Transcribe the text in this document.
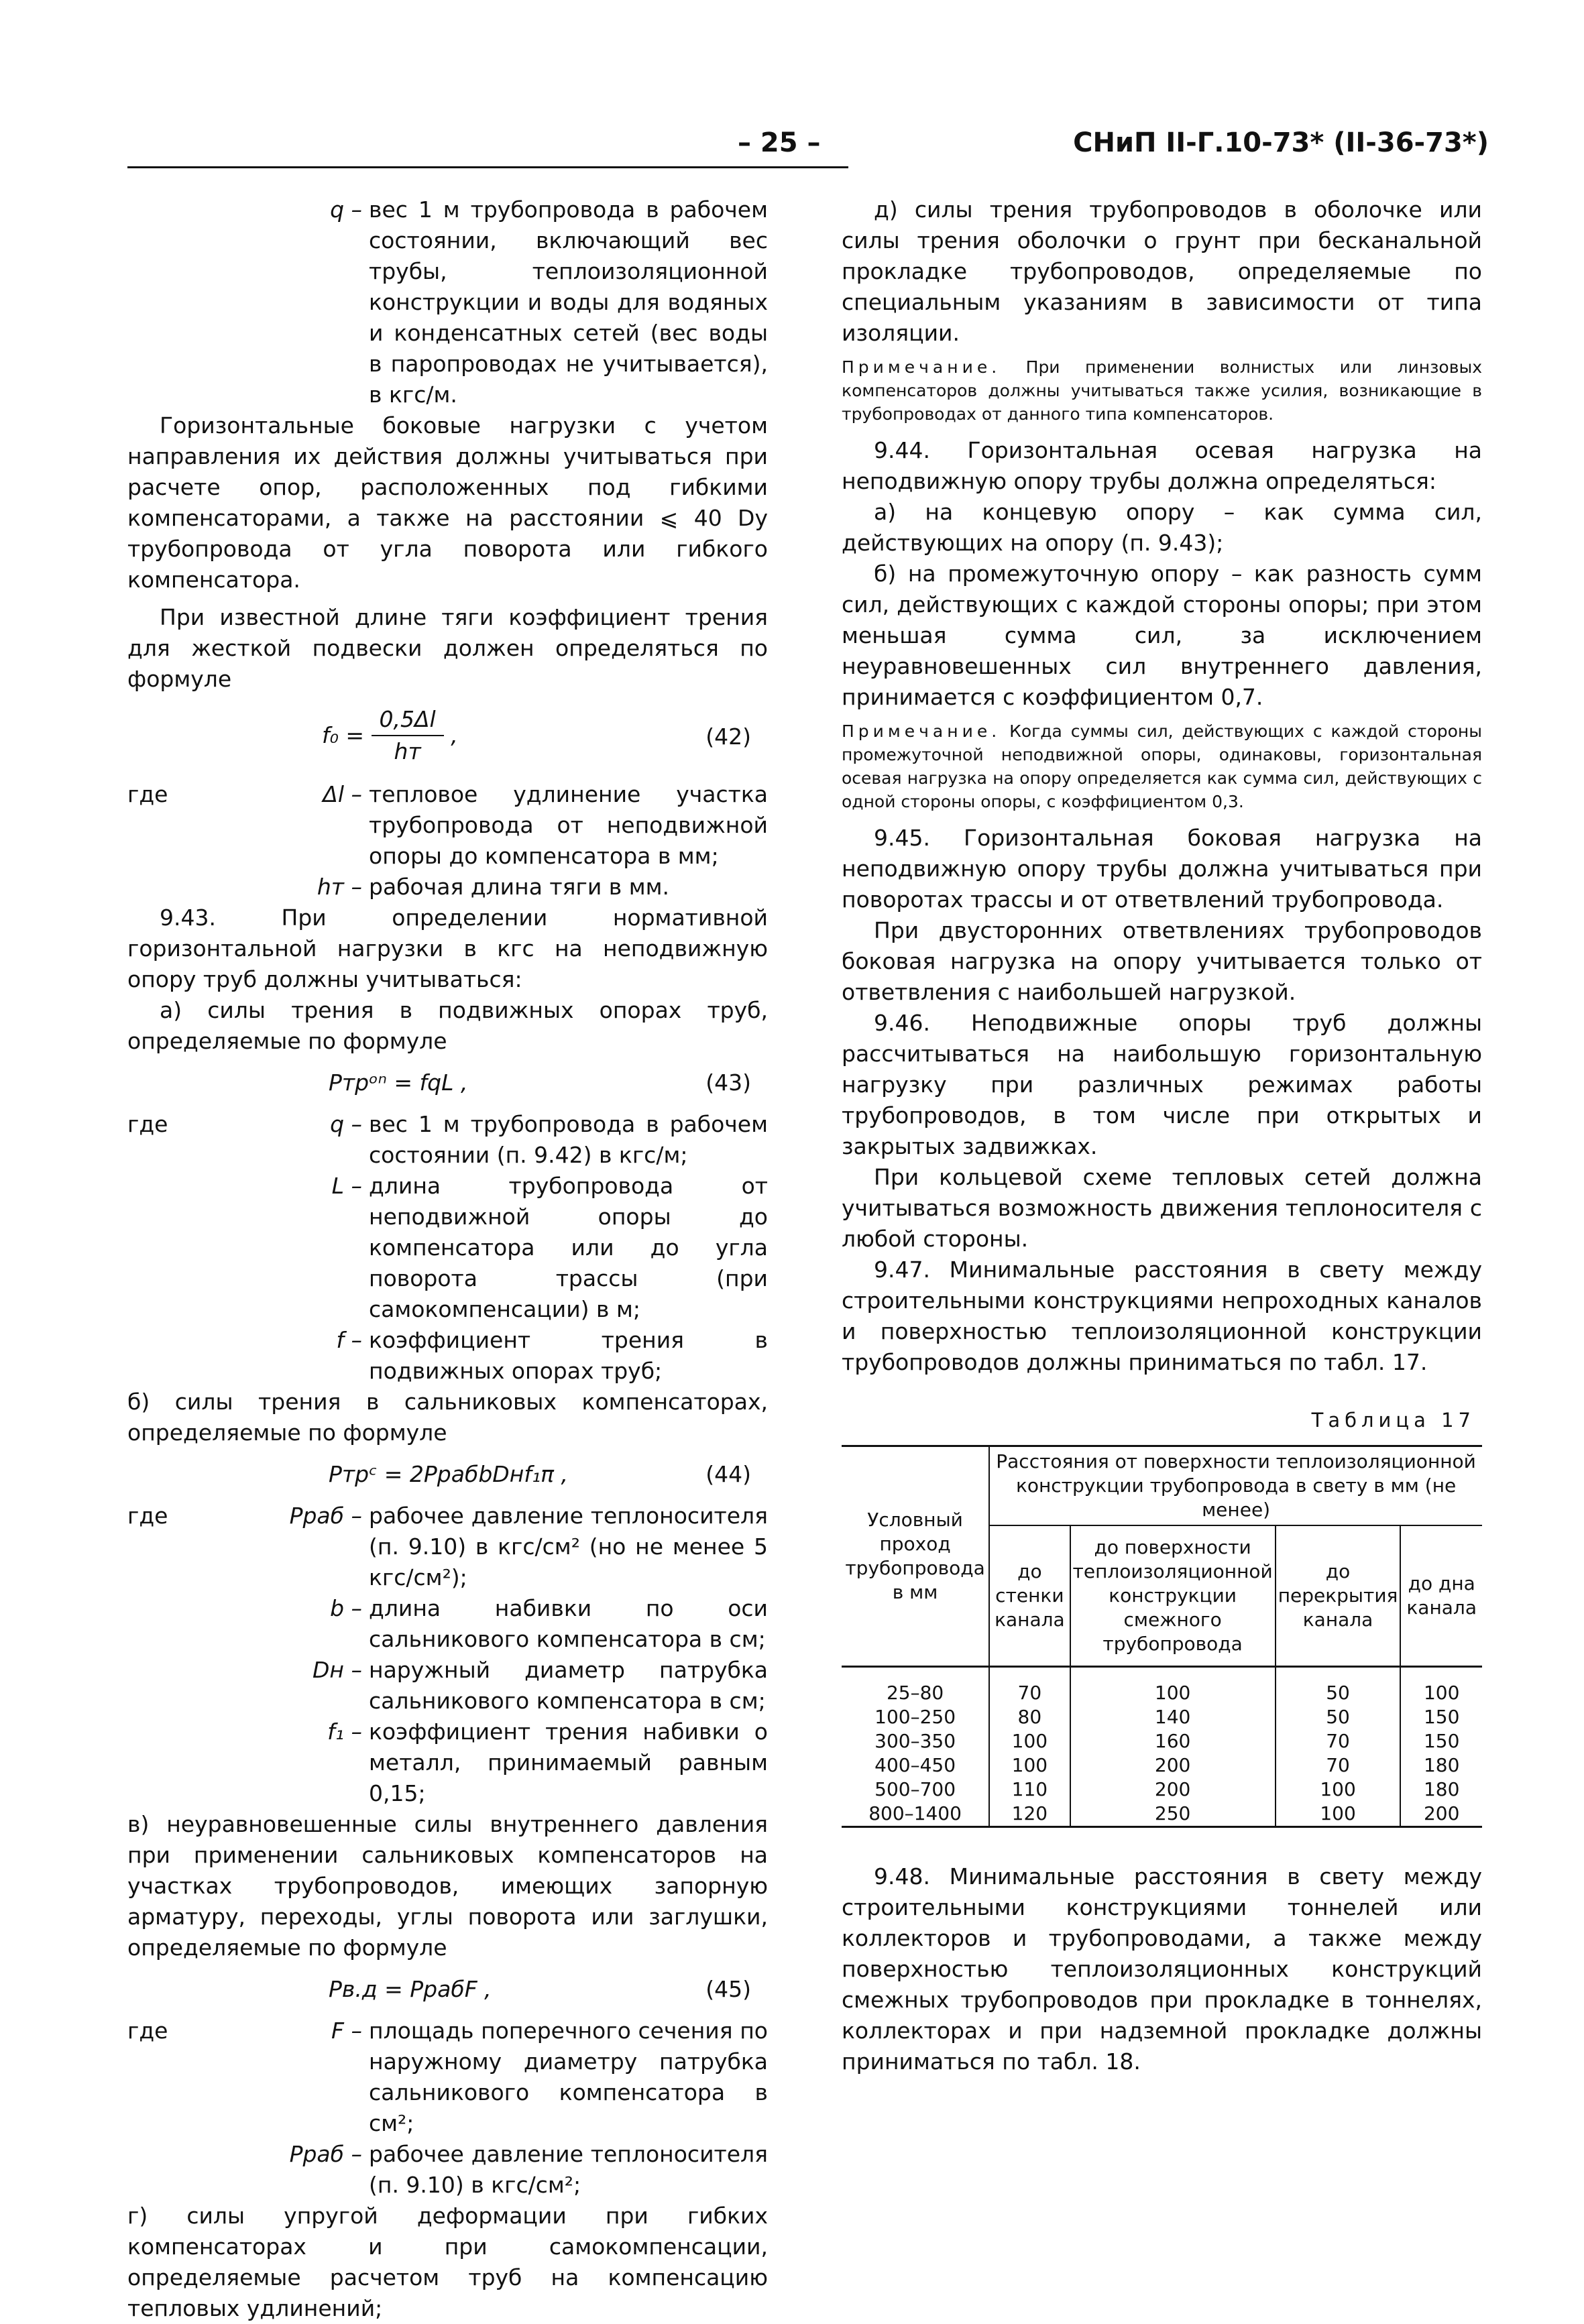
– 25 –	СНиП II-Г.10-73* (II-36-73*)
q – вес 1 м трубопровода в рабочем состоянии, включающий вес трубы, теплоизоляционной конструкции и воды для водяных и конденсатных сетей (вес воды в паропроводах не учитывается), в кгс/м.

Горизонтальные боковые нагрузки с учетом направления их действия должны учитываться при расчете опор, расположенных под гибкими компенсаторами, а также на расстоянии ⩽ 40 Dу трубопровода от угла поворота или гибкого компенсатора.

При известной длине тяги коэффициент трения для жесткой подвески должен определяться по формуле

$f_0 = \frac{0,5\Delta l}{hт}$ ,	(42)
где	Δl – тепловое удлинение участка трубопровода от неподвижной опоры до компенсатора в мм;
hт – рабочая длина тяги в мм.

9.43. При определении нормативной горизонтальной нагрузки в кгс на неподвижную опору труб должны учитываться:

а) силы трения в подвижных опорах труб, определяемые по формуле

Pтрᵒⁿ = fqL ,	(43)
где	q – вес 1 м трубопровода в рабочем состоянии (п. 9.42) в кгс/м;
L – длина трубопровода от неподвижной опоры до компенсатора или до угла поворота трассы (при самокомпенсации) в м;
f – коэффициент трения в подвижных опорах труб;

б) силы трения в сальниковых компенсаторах, определяемые по формуле

Pтрᶜ = 2PрабbDнf₁π ,	(44)
где	Pраб – рабочее давление теплоносителя (п. 9.10) в кгс/см² (но не менее 5 кгс/см²);
b – длина набивки по оси сальникового компенсатора в см;
Dн – наружный диаметр патрубка сальникового компенсатора в см;
f₁ – коэффициент трения набивки о металл, принимаемый равным 0,15;

в) неуравновешенные силы внутреннего давления при применении сальниковых компенсаторов на участках трубопроводов, имеющих запорную арматуру, переходы, углы поворота или заглушки, определяемые по формуле

Pв.д = PрабF ,	(45)
где	F – площадь поперечного сечения по наружному диаметру патрубка сальникового компенсатора в см²;
Pраб – рабочее давление теплоносителя (п. 9.10) в кгс/см²;

г) силы упругой деформации при гибких компенсаторах и при самокомпенсации, определяемые расчетом труб на компенсацию тепловых удлинений;

д) силы трения трубопроводов в оболочке или силы трения оболочки о грунт при бесканальной прокладке трубопроводов, определяемые по специальным указаниям в зависимости от типа изоляции.

Примечание. При применении волнистых или линзовых компенсаторов должны учитываться также усилия, возникающие в трубопроводах от данного типа компенсаторов.

9.44. Горизонтальная осевая нагрузка на неподвижную опору трубы должна определяться:

а) на концевую опору – как сумма сил, действующих на опору (п. 9.43);

б) на промежуточную опору – как разность сумм сил, действующих с каждой стороны опоры; при этом меньшая сумма сил, за исключением неуравновешенных сил внутреннего давления, принимается с коэффициентом 0,7.

Примечание. Когда суммы сил, действующих с каждой стороны промежуточной неподвижной опоры, одинаковы, горизонтальная осевая нагрузка на опору определяется как сумма сил, действующих с одной стороны опоры, с коэффициентом 0,3.

9.45. Горизонтальная боковая нагрузка на неподвижную опору трубы должна учитываться при поворотах трассы и от ответвлений трубопровода.

При двусторонних ответвлениях трубопроводов боковая нагрузка на опору учитывается только от ответвления с наибольшей нагрузкой.

9.46. Неподвижные опоры труб должны рассчитываться на наибольшую горизонтальную нагрузку при различных режимах работы трубопроводов, в том числе при открытых и закрытых задвижках.

При кольцевой схеме тепловых сетей должна учитываться возможность движения теплоносителя с любой стороны.

9.47. Минимальные расстояния в свету между строительными конструкциями непроходных каналов и поверхностью теплоизоляционной конструкции трубопроводов должны приниматься по табл. 17.

Таблица 17
Условный проход трубопровода в мм	Расстояния от поверхности теплоизоляционной конструкции трубопровода в свету в мм (не менее)			
	до стенки канала	до поверхности теплоизоляционной конструкции смежного трубопровода	до перекрытия канала	до дна канала
25–80	70	100	50	100
100–250	80	140	50	150
300–350	100	160	70	150
400–450	100	200	70	180
500–700	110	200	100	180
800–1400	120	250	100	200

9.48. Минимальные расстояния в свету между строительными конструкциями тоннелей или коллекторов и трубопроводами, а также между поверхностью теплоизоляционных конструкций смежных трубопроводов при прокладке в тоннелях, коллекторах и при надземной прокладке должны приниматься по табл. 18.
